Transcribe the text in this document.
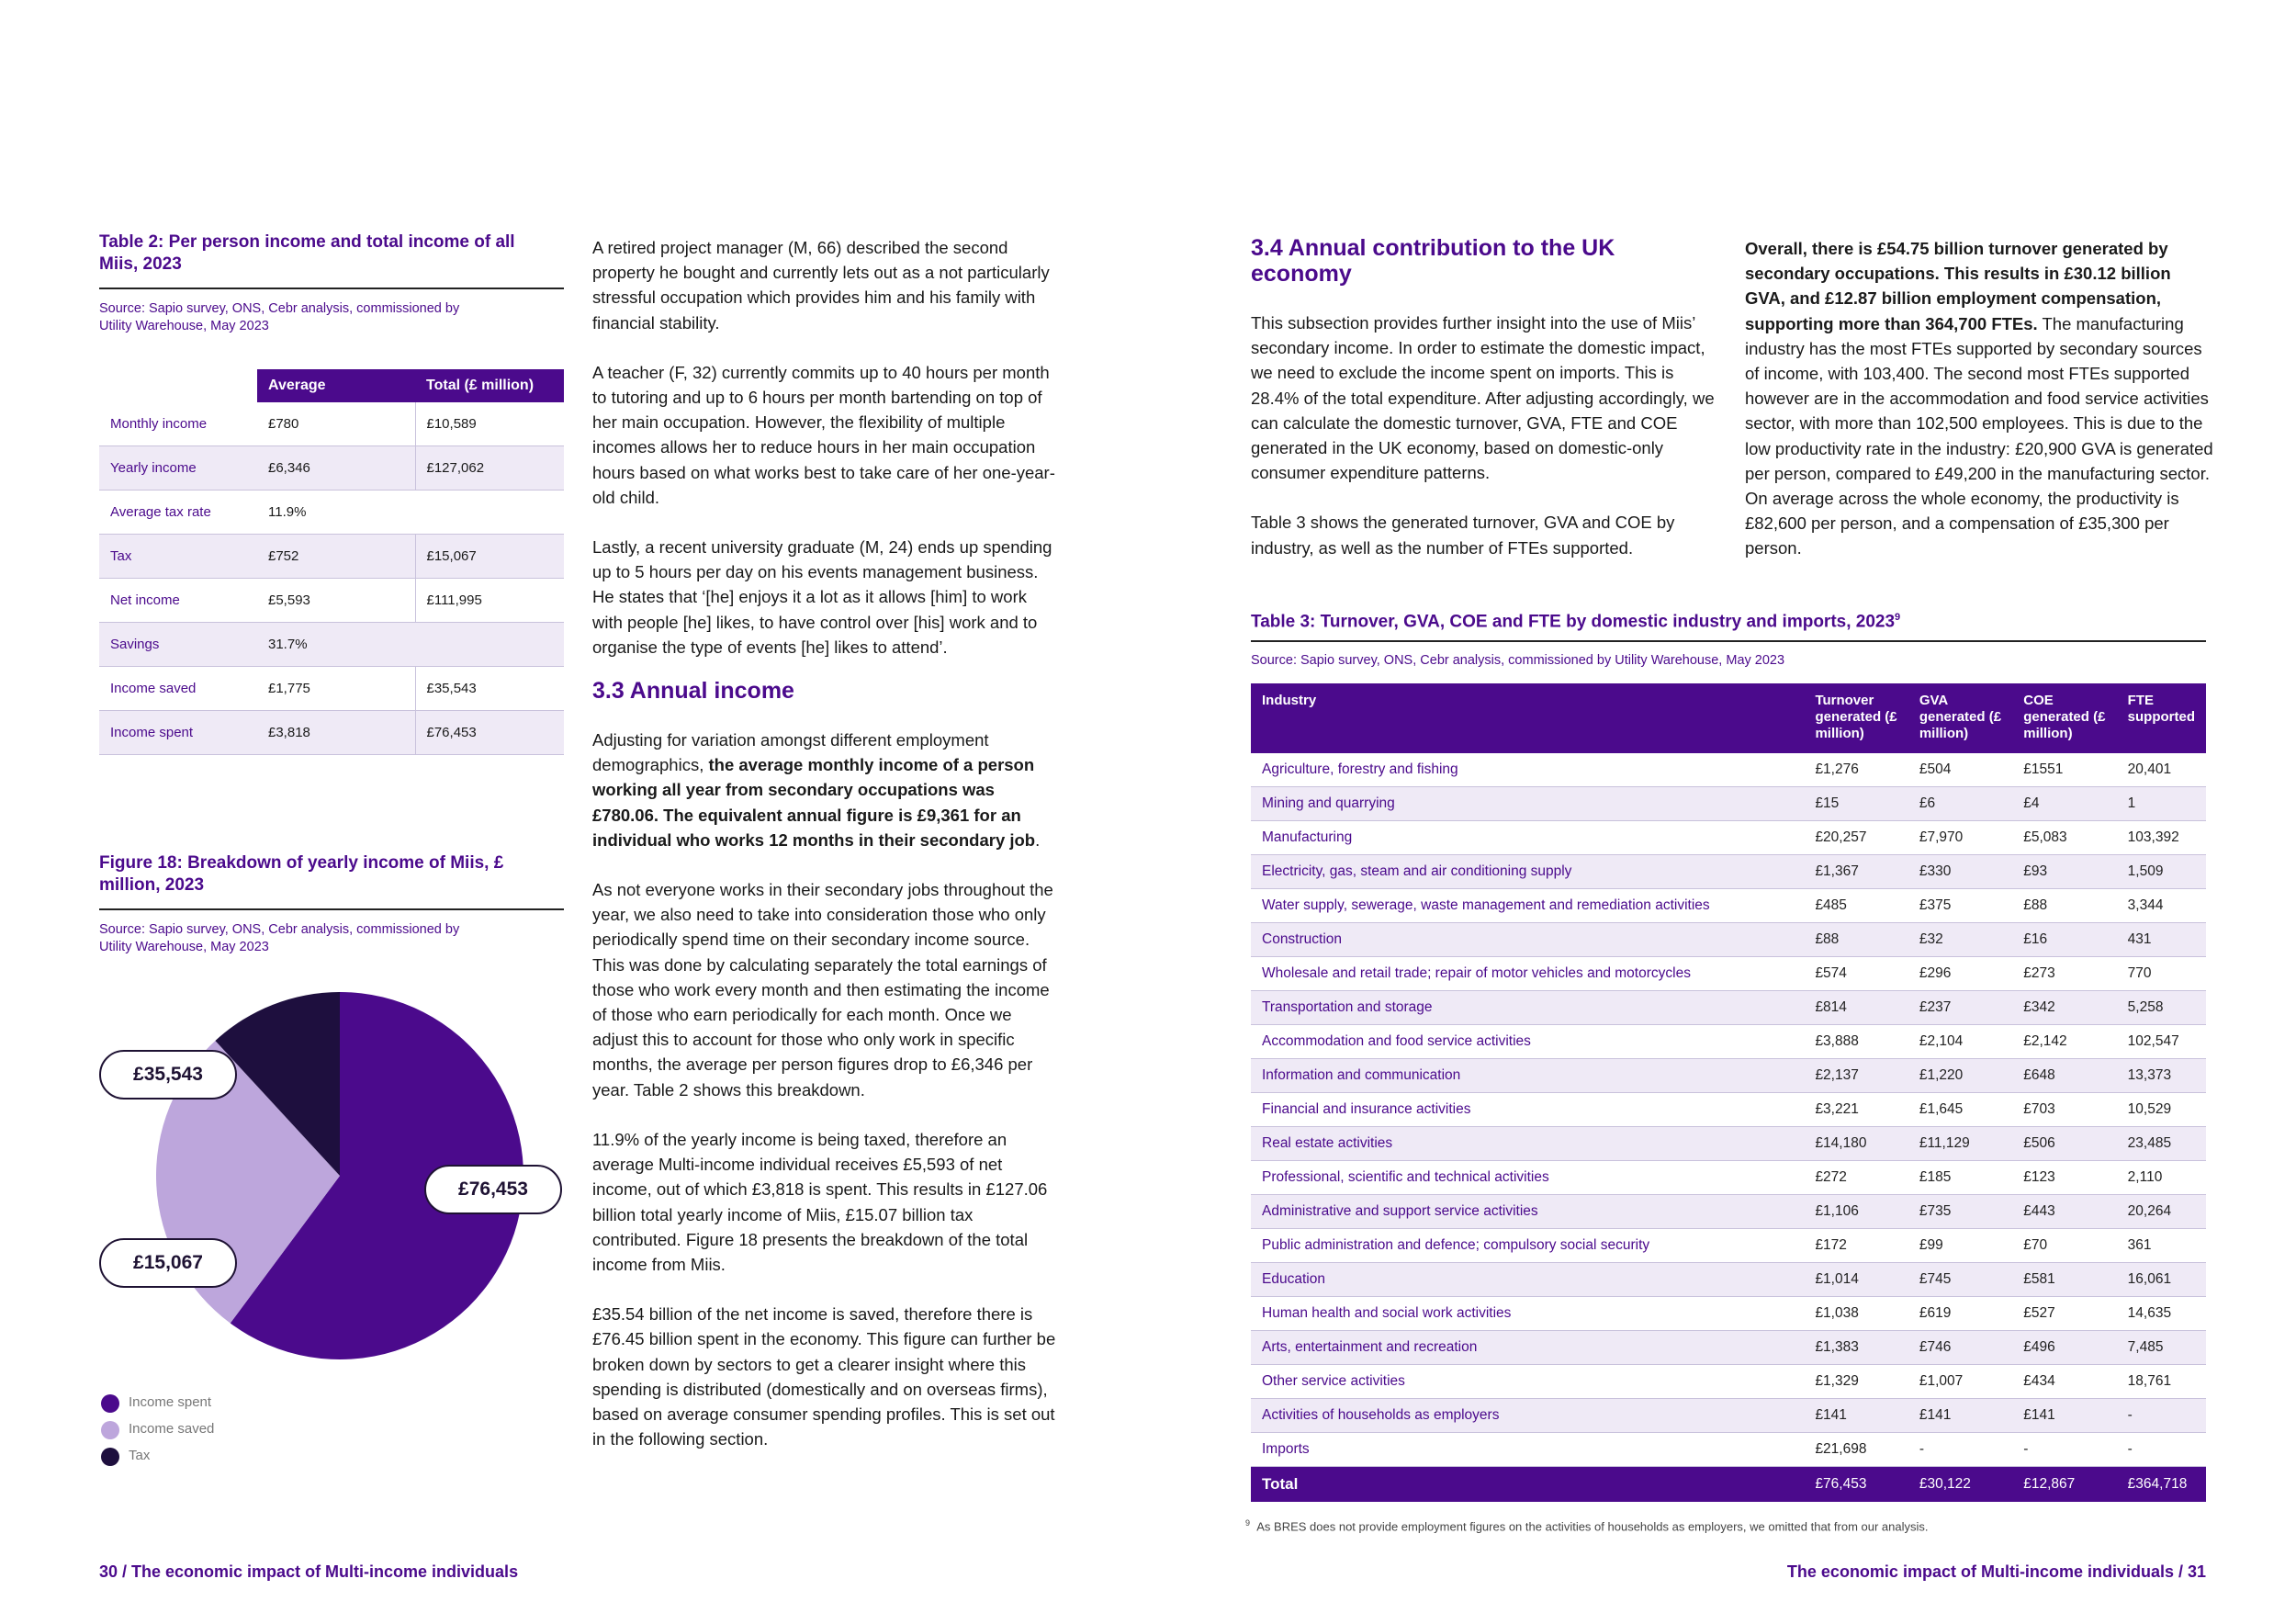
Table 2: Per person income and total income of all Miis, 2023
Source: Sapio survey, ONS, Cebr analysis, commissioned by Utility Warehouse, May 2023
	Average	Total (£ million)
Monthly income	£780	£10,589
Yearly income	£6,346	£127,062
Average tax rate	11.9%	
Tax	£752	£15,067
Net income	£5,593	£111,995
Savings	31.7%	
Income saved	£1,775	£35,543
Income spent	£3,818	£76,453
Figure 18: Breakdown of yearly income of Miis, £ million, 2023
Source: Sapio survey, ONS, Cebr analysis, commissioned by Utility Warehouse, May 2023
£35,543
£76,453
£15,067
Income spent
Income saved
Tax
30 / The economic impact of Multi-income individuals

A retired project manager (M, 66) described the second property he bought and currently lets out as a not particularly stressful occupation which provides him and his family with financial stability.

A teacher (F, 32) currently commits up to 40 hours per month to tutoring and up to 6 hours per month bartending on top of her main occupation. However, the flexibility of multiple incomes allows her to reduce hours in her main occupation hours based on what works best to take care of her one-year-old child.

Lastly, a recent university graduate (M, 24) ends up spending up to 5 hours per day on his events management business. He states that ‘[he] enjoys it a lot as it allows [him] to work with people [he] likes, to have control over [his] work and to organise the type of events [he] likes to attend’.

3.3 Annual income

Adjusting for variation amongst different employment demographics, the average monthly income of a person working all year from secondary occupations was £780.06. The equivalent annual figure is £9,361 for an individual who works 12 months in their secondary job.

As not everyone works in their secondary jobs throughout the year, we also need to take into consideration those who only periodically spend time on their secondary income source. This was done by calculating separately the total earnings of those who work every month and then estimating the income of those who earn periodically for each month. Once we adjust this to account for those who only work in specific months, the average per person figures drop to £6,346 per year. Table 2 shows this breakdown.

11.9% of the yearly income is being taxed, therefore an average Multi-income individual receives £5,593 of net income, out of which £3,818 is spent. This results in £127.06 billion total yearly income of Miis, £15.07 billion tax contributed. Figure 18 presents the breakdown of the total income from Miis.

£35.54 billion of the net income is saved, therefore there is £76.45 billion spent in the economy. This figure can further be broken down by sectors to get a clearer insight where this spending is distributed (domestically and on overseas firms), based on average consumer spending profiles. This is set out in the following section.

3.4 Annual contribution to the UK economy

This subsection provides further insight into the use of Miis’ secondary income. In order to estimate the domestic impact, we need to exclude the income spent on imports. This is 28.4% of the total expenditure. After adjusting accordingly, we can calculate the domestic turnover, GVA, FTE and COE generated in the UK economy, based on domestic-only consumer expenditure patterns.

Table 3 shows the generated turnover, GVA and COE by industry, as well as the number of FTEs supported.

Overall, there is £54.75 billion turnover generated by secondary occupations. This results in £30.12 billion GVA, and £12.87 billion employment compensation, supporting more than 364,700 FTEs. The manufacturing industry has the most FTEs supported by secondary sources of income, with 103,400. The second most FTEs supported however are in the accommodation and food service activities sector, with more than 102,500 employees. This is due to the low productivity rate in the industry: £20,900 GVA is generated per person, compared to £49,200 in the manufacturing sector. On average across the whole economy, the productivity is £82,600 per person, and a compensation of £35,300 per person.

Table 3: Turnover, GVA, COE and FTE by domestic industry and imports, 2023$^9$
Source: Sapio survey, ONS, Cebr analysis, commissioned by Utility Warehouse, May 2023
Industry	Turnover generated (£ million)	GVA generated (£ million)	COE generated (£ million)	FTE supported
Agriculture, forestry and fishing	£1,276	£504	£1551	20,401
Mining and quarrying	£15	£6	£4	1
Manufacturing	£20,257	£7,970	£5,083	103,392
Electricity, gas, steam and air conditioning supply	£1,367	£330	£93	1,509
Water supply, sewerage, waste management and remediation activities	£485	£375	£88	3,344
Construction	£88	£32	£16	431
Wholesale and retail trade; repair of motor vehicles and motorcycles	£574	£296	£273	770
Transportation and storage	£814	£237	£342	5,258
Accommodation and food service activities	£3,888	£2,104	£2,142	102,547
Information and communication	£2,137	£1,220	£648	13,373
Financial and insurance activities	£3,221	£1,645	£703	10,529
Real estate activities	£14,180	£11,129	£506	23,485
Professional, scientific and technical activities	£272	£185	£123	2,110
Administrative and support service activities	£1,106	£735	£443	20,264
Public administration and defence; compulsory social security	£172	£99	£70	361
Education	£1,014	£745	£581	16,061
Human health and social work activities	£1,038	£619	£527	14,635
Arts, entertainment and recreation	£1,383	£746	£496	7,485
Other service activities	£1,329	£1,007	£434	18,761
Activities of households as employers	£141	£141	£141	-
Imports	£21,698	-	-	-
Total	£76,453	£30,122	£12,867	£364,718
$^9$ As BRES does not provide employment figures on the activities of households as employers, we omitted that from our analysis.
The economic impact of Multi-income individuals / 31
